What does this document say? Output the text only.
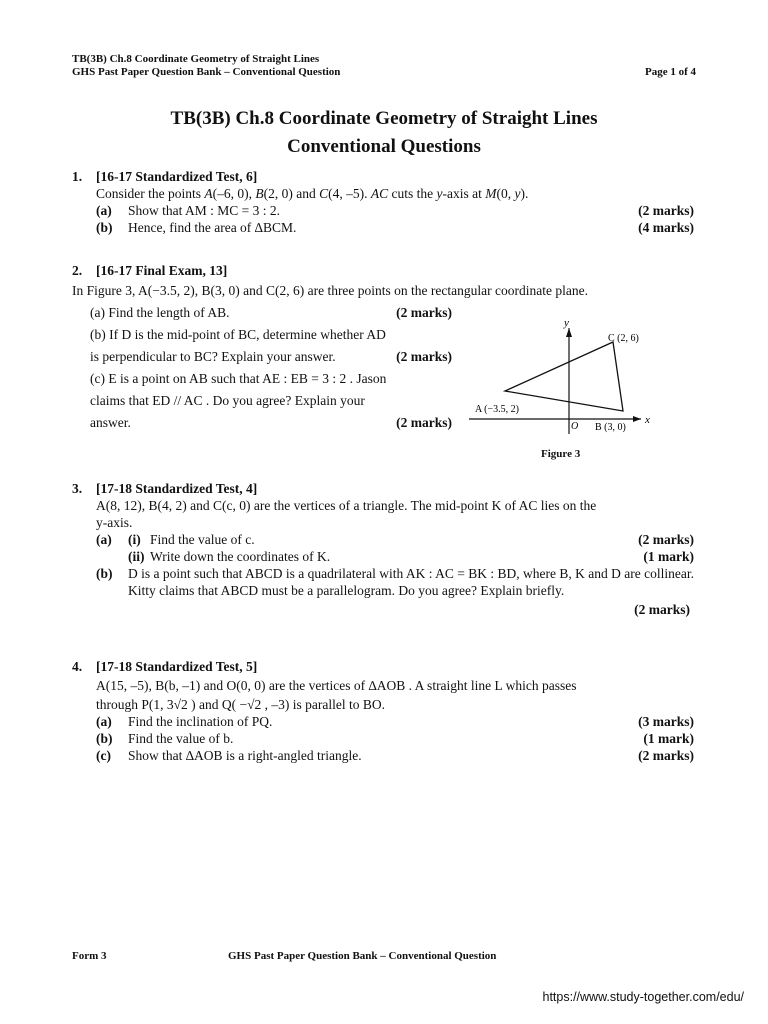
TB(3B) Ch.8 Coordinate Geometry of Straight Lines
GHS Past Paper Question Bank – Conventional Question	Page 1 of 4
TB(3B) Ch.8 Coordinate Geometry of Straight Lines
Conventional Questions
1. [16-17 Standardized Test, 6]
Consider the points A(–6, 0), B(2, 0) and C(4, –5). AC cuts the y-axis at M(0, y).
(a) Show that AM : MC = 3 : 2.	(2 marks)
(b) Hence, find the area of ∆BCM.	(4 marks)
2. [16-17 Final Exam, 13]
In Figure 3, A(−3.5, 2), B(3, 0) and C(2, 6) are three points on the rectangular coordinate plane.
(a) Find the length of AB.	(2 marks)
(b) If D is the mid-point of BC, determine whether AD
is perpendicular to BC? Explain your answer.	(2 marks)
(c) E is a point on AB such that AE : EB = 3 : 2 . Jason
claims that ED // AC . Do you agree? Explain your
answer.	(2 marks)
y
x
O
A (−3.5, 2)
B (3, 0)
C (2, 6)
Figure 3
3. [17-18 Standardized Test, 4]
A(8, 12), B(4, 2) and C(c, 0) are the vertices of a triangle. The mid-point K of AC lies on the
y-axis.
(a) (i) Find the value of c.	(2 marks)
(ii) Write down the coordinates of K.	(1 mark)
(b)	D is a point such that ABCD is a quadrilateral with AK : AC = BK : BD, where B, K and D are collinear. Kitty claims that ABCD must be a parallelogram. Do you agree? Explain briefly.
(2 marks)
4. [17-18 Standardized Test, 5]
A(15, –5), B(b, –1) and O(0, 0) are the vertices of ∆AOB . A straight line L which passes
through P(1, 3√2 ) and Q( −√2 , –3) is parallel to BO.
(a) Find the inclination of PQ.	(3 marks)
(b) Find the value of b.	(1 mark)
(c) Show that ∆AOB is a right-angled triangle.	(2 marks)
Form 3	GHS Past Paper Question Bank – Conventional Question
https://www.study-together.com/edu/
